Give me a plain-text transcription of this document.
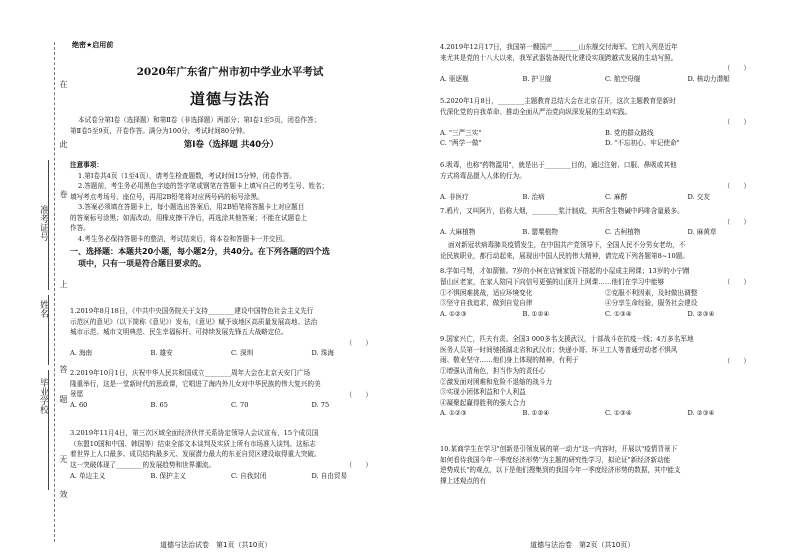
在
此
卷
上
答
题
无
效
准考证号
姓名
毕业学校
绝密★启用前
2020年广东省广州市初中学业水平考试
道德与法治
本试卷分第Ⅰ卷（选择题）和第Ⅱ卷（非选择题）两部分；第Ⅰ卷1至5页，闭卷作答；
第Ⅱ卷5至9页，开卷作答。满分为100分，考试时间80分钟。
第Ⅰ卷（选择题 共40分）
注意事项：
1.第Ⅰ卷共4页（1至4页），请考生检查题数，考试时间15分钟，闭卷作答。
2.答题前，考生务必用黑色字迹的签字笔或钢笔在答题卡上填写自己的考生号、姓名；
填写考点考场号、座位号，再用2B铅笔将对应两号码的标号涂黑。
3.答案必须填在答题卡上，每小题选出答案后，用2B铅笔将答题卡上对应题目
的答案标号涂黑；如需改动，用橡皮擦干净后，再选涂其他答案；不能在试题卷上
作答。
4.考生务必保持答题卡的整洁，考试结束后，将本卷和答题卡一并交回。
一、选择题：本题共20小题，每小题2分，共40分。在下列各题的四个选
项中，只有一项是符合题目要求的。
1.2019年8月18日，《中共中央国务院关于支持________建设中国特色社会主义先行
示范区的意见》（以下简称《意见》）发布，《意见》赋予该地区高质量发展高地、法治
城市示范、城市文明典范、民生幸福标杆、可持续发展先锋五大战略定位。
（　　）
A. 海南	B. 雄安	C. 深圳	D. 珠海
2.2019年10月1日，庆祝中华人民共和国成立________周年大会在北京天安门广场
隆重举行，这是一堂新时代的思政课，它唱进了海内外儿女对中华民族的伟大复兴的美
景愿	（　　）
A. 60	B. 65	C. 70	D. 75
3.2019年11月4日，第三次区域全面经济伙伴关系协定领导人会议宣布，15个成员国
（东盟10国和中国、韩国等）结束全部文本谈判及实质上所有市场准入谈判。这标志
着世界上人口最多、成员结构最多元、发展潜力最大的东亚自贸区建设取得重大突破。
这一突破体现了________的发展趋势和世界潮流。	（　　）
A. 单边主义	B. 保护主义	C. 自我封闭	D. 自由贸易
道德与法治试卷　第1页（共10页）
4.2019年12月17日，我国第一艘国产________山东舰交付海军。它的入列是近年
来尤其是党的十八大以来，我军武器装备现代化建设实现跨越式发展的生动写照。
（　　）
A. 驱逐舰	B. 护卫舰	C. 航空母舰	D. 核动力潜艇
5.2020年1月8日，________主题教育总结大会在北京召开，这次主题教育是新时
代深化党的自我革命、推动全面从严治党向纵深发展的生动实践。
（　　）
A. "三严三实"	B. 党的群众路线
C. "两学一做"	D. "不忘初心、牢记使命"
6.吸毒，也称"药物滥用"，就是出于________目的，通过注射、口服、鼻吸或其他
方式将毒品摄入人体的行为。
（　　）
A. 非医疗	B. 治病	C. 麻醉	D. 交友
7.鸦片，又叫阿片，俗称大烟，________浆汁制成，其所含生物碱中吗啡含量最多。
（　　）
A. 大麻植物	B. 罂粟植物	C. 古柯植物	D. 麻黄草
面对新冠状病毒肺炎疫情发生，在中国共产党领导下，全国人民不分男女老幼，不
论民族职业，都行动起来，展现出中国人民的伟大精神，请完成下列各题第8~10题。
8.学如弓弩，才如箭镞。7岁的小柯在店铺家饭下搭起的小屋成主网课；13岁的小宁蹭
留山区老家，在家人陪同下向信号更强的山顶开上网课……他们在学习中能够	（　　）
①不惧困难挑战，适应环境变化	②克服不利因素，及时做出调整
③坚守自我追求，做到自觉自律	④分享生命经验，服务社会建设
A. ①②③	B. ①②④	C. ①③④	D. ②③④
9.国家兴亡，匹夫有责。全国3 000多名支援武汉，十部战斗在抗疫一线；4万多名军地
医务人员第一时间驰援湖北省和武汉市；快递小哥、环卫工人等普通劳动者不惧风
雨、敬业坚守……他们身上体现的精神，有利于	（　　）
①增强认清角色，担当作为的责任心
②激发面对困难和危险不退缩的战斗力
③实现小团体利益和个人利益
④凝聚起赢得胜利的强大合力
A. ①②③	B. ①②④	C. ①③④	D. ②③④
10.某商学生在学习"创新是引领发展的第一动力"这一内容时，开展以"疫情背景下
如何看待我国今年一季度经济形势"为主题的研究性学习，拟论证"新经济新动能
逆势成长"的观点，以下是他们搜集到的我国今年一季度经济形势的数据，其中能支
撑上述观点的有
道德与法治卷　第2页（共10页）
